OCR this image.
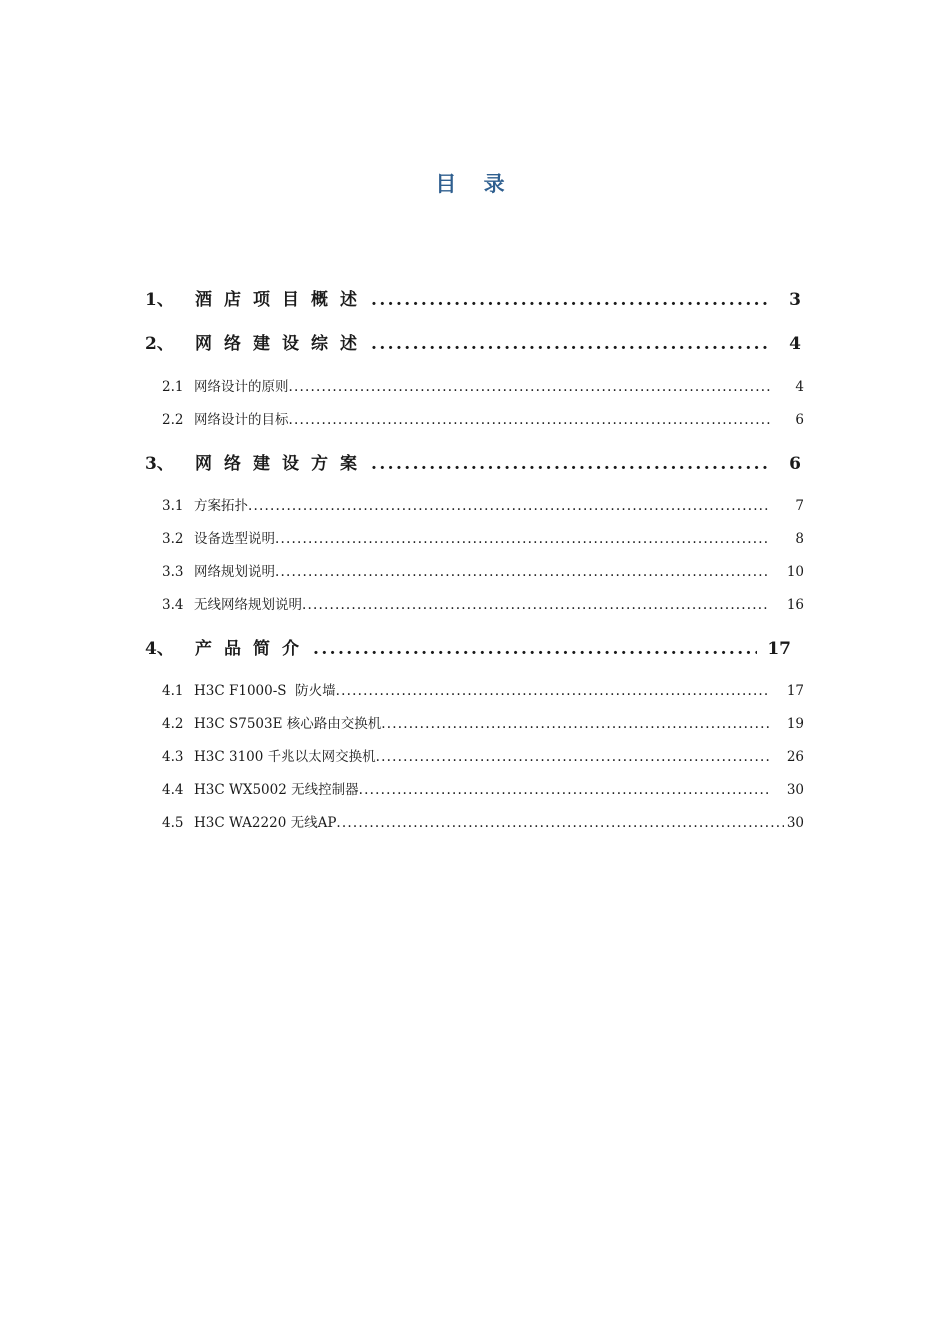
目 录
1、	酒店项目概述 .....	3
2、	网络建设综述 .....	4
2.1 网络设计的原则 .....	4
2.2 网络设计的目标 .....	6
3、	网络建设方案 .....	6
3.1 方案拓扑 .....	7
3.2 设备选型说明 .....	8
3.3 网络规划说明 .....	10
3.4 无线网络规划说明 .....	16
4、	产品简介 .....	17
4.1 H3C F1000-S  防火墙 .....	17
4.2 H3C S7503E 核心路由交换机 .....	19
4.3 H3C 3100 千兆以太网交换机 .....	26
4.4 H3C WX5002 无线控制器 .....	30
4.5 H3C WA2220 无线AP .....	30
